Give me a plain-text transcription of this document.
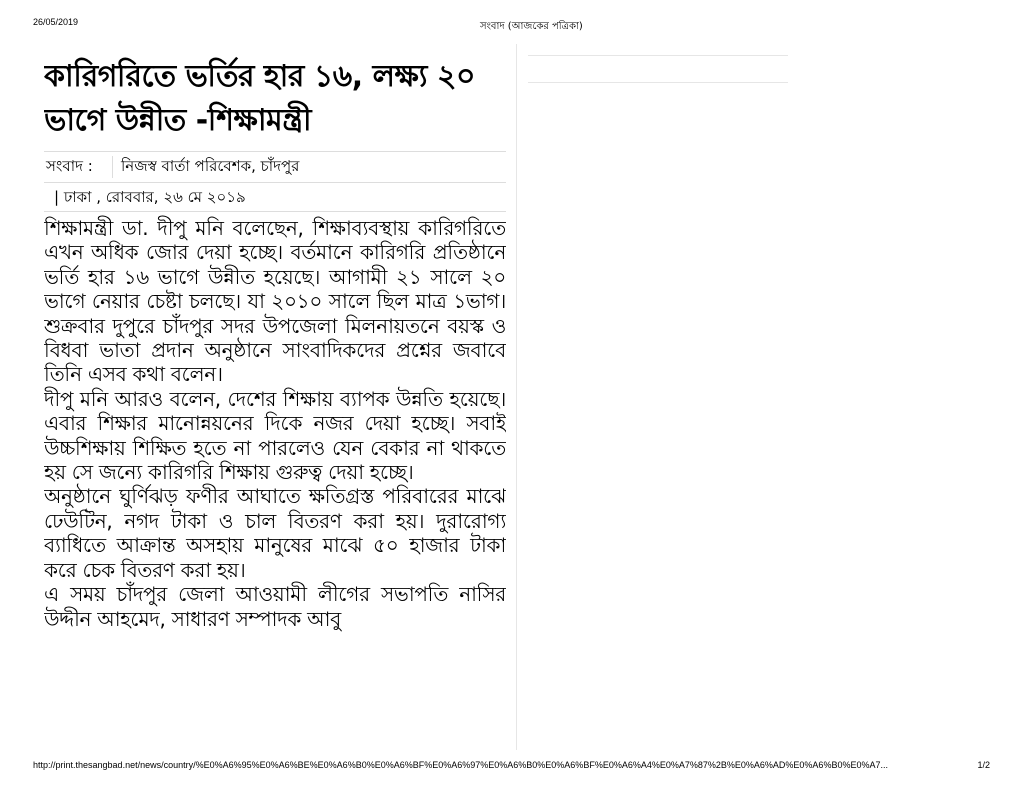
26/05/2019	সংবাদ (আজকের পত্রিকা)
কারিগরিতে ভর্তির হার ১৬, লক্ষ্য ২০ ভাগে উন্নীত -শিক্ষামন্ত্রী
সংবাদ :	নিজস্ব বার্তা পরিবেশক, চাঁদপুর
| ঢাকা , রোববার, ২৬ মে ২০১৯

শিক্ষামন্ত্রী ডা. দীপু মনি বলেছেন, শিক্ষাব্যবস্থায় কারিগরিতে এখন অধিক জোর দেয়া হচ্ছে। বর্তমানে কারিগরি প্রতিষ্ঠানে ভর্তি হার ১৬ ভাগে উন্নীত হয়েছে। আগামী ২১ সালে ২০ ভাগে নেয়ার চেষ্টা চলছে। যা ২০১০ সালে ছিল মাত্র ১ভাগ। শুক্রবার দুপুরে চাঁদপুর সদর উপজেলা মিলনায়তনে বয়স্ক ও বিধবা ভাতা প্রদান অনুষ্ঠানে সাংবাদিকদের প্রশ্নের জবাবে তিনি এসব কথা বলেন।

দীপু মনি আরও বলেন, দেশের শিক্ষায় ব্যাপক উন্নতি হয়েছে। এবার শিক্ষার মানোন্নয়নের দিকে নজর দেয়া হচ্ছে। সবাই উচ্চশিক্ষায় শিক্ষিত হতে না পারলেও যেন বেকার না থাকতে হয় সে জন্যে কারিগরি শিক্ষায় গুরুত্ব দেয়া হচ্ছে।

অনুষ্ঠানে ঘুর্ণিঝড় ফণীর আঘাতে ক্ষতিগ্রস্ত পরিবারের মাঝে ঢেউটিন, নগদ টাকা ও চাল বিতরণ করা হয়। দুরারোগ্য ব্যাধিতে আক্রান্ত অসহায় মানুষের মাঝে ৫০ হাজার টাকা করে চেক বিতরণ করা হয়।

এ সময় চাঁদপুর জেলা আওয়ামী লীগের সভাপতি নাসির উদ্দীন আহমেদ, সাধারণ সম্পাদক আবু

http://print.thesangbad.net/news/country/%E0%A6%95%E0%A6%BE%E0%A6%B0%E0%A6%BF%E0%A6%97%E0%A6%B0%E0%A6%BF%E0%A6%A4%E0%A7%87%2B%E0%A6%AD%E0%A6%B0%E0%A7...	1/2
